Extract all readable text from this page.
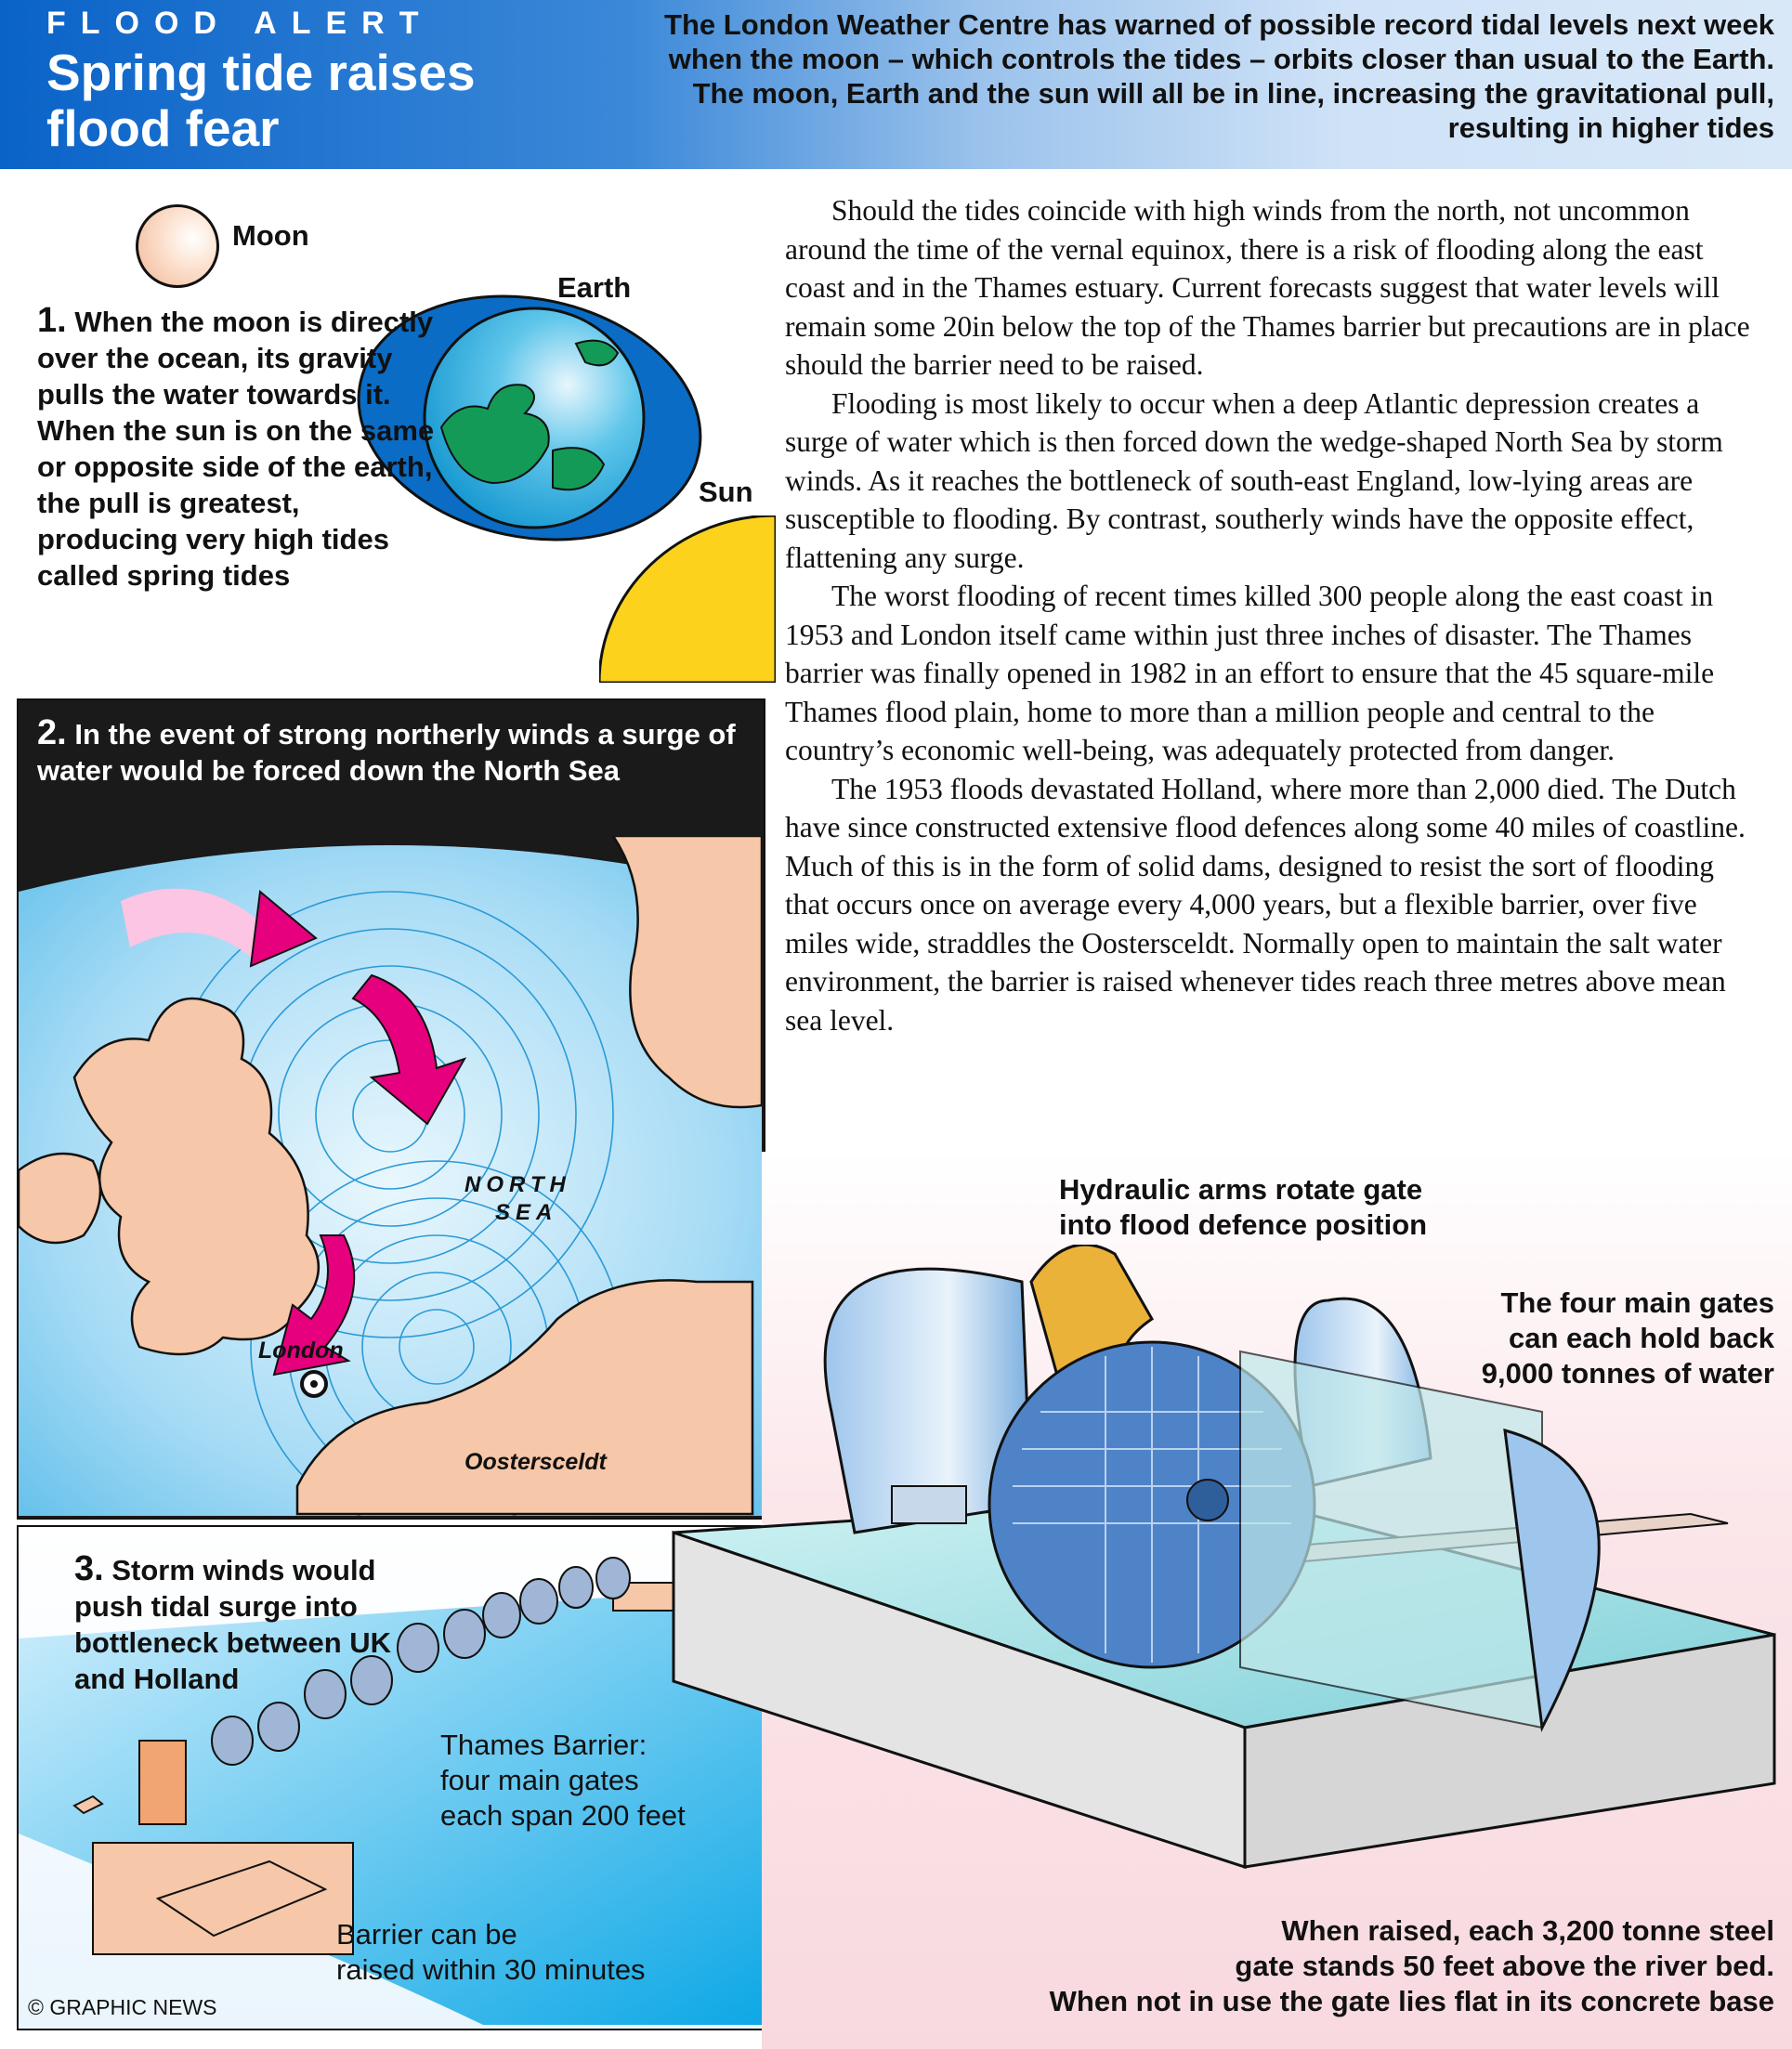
FLOOD ALERT
Spring tide raises flood fear
The London Weather Centre has warned of possible record tidal levels next week when the moon – which controls the tides – orbits closer than usual to the Earth. The moon, Earth and the sun will all be in line, increasing the gravitational pull, resulting in higher tides
Moon
Earth
Sun
1. When the moon is directly over the ocean, its gravity pulls the water towards it. When the sun is on the same or opposite side of the earth, the pull is greatest, producing very high tides called spring tides

Should the tides coincide with high winds from the north, not uncommon around the time of the vernal equinox, there is a risk of flooding along the east coast and in the Thames estuary. Current forecasts suggest that water levels will remain some 20in below the top of the Thames barrier but precautions are in place should the barrier need to be raised.

Flooding is most likely to occur when a deep Atlantic depression creates a surge of water which is then forced down the wedge-shaped North Sea by storm winds. As it reaches the bottleneck of south-east England, low-lying areas are susceptible to flooding. By contrast, southerly winds have the opposite effect, flattening any surge.

The worst flooding of recent times killed 300 people along the east coast in 1953 and London itself came within just three inches of disaster. The Thames barrier was finally opened in 1982 in an effort to ensure that the 45 square-mile Thames flood plain, home to more than a million people and central to the country’s economic well-being, was adequately protected from danger.

The 1953 floods devastated Holland, where more than 2,000 died. The Dutch have since constructed extensive flood defences along some 40 miles of coastline. Much of this is in the form of solid dams, designed to resist the sort of flooding that occurs once on average every 4,000 years, but a flexible barrier, over five miles wide, straddles the Oostersceldt. Normally open to maintain the salt water environment, the barrier is raised whenever tides reach three metres above mean sea level.

2. In the event of strong northerly winds a surge of water would be forced down the North Sea
NORTH
SEA
London
Oostersceldt
3. Storm winds would push tidal surge into bottleneck between UK and Holland
Thames Barrier:
four main gates
each span 200 feet
Barrier can be
raised within 30 minutes
© GRAPHIC NEWS
Hydraulic arms rotate gate
into flood defence position
The four main gates
can each hold back
9,000 tonnes of water
When raised, each 3,200 tonne steel
gate stands 50 feet above the river bed.
When not in use the gate lies flat in its concrete base
